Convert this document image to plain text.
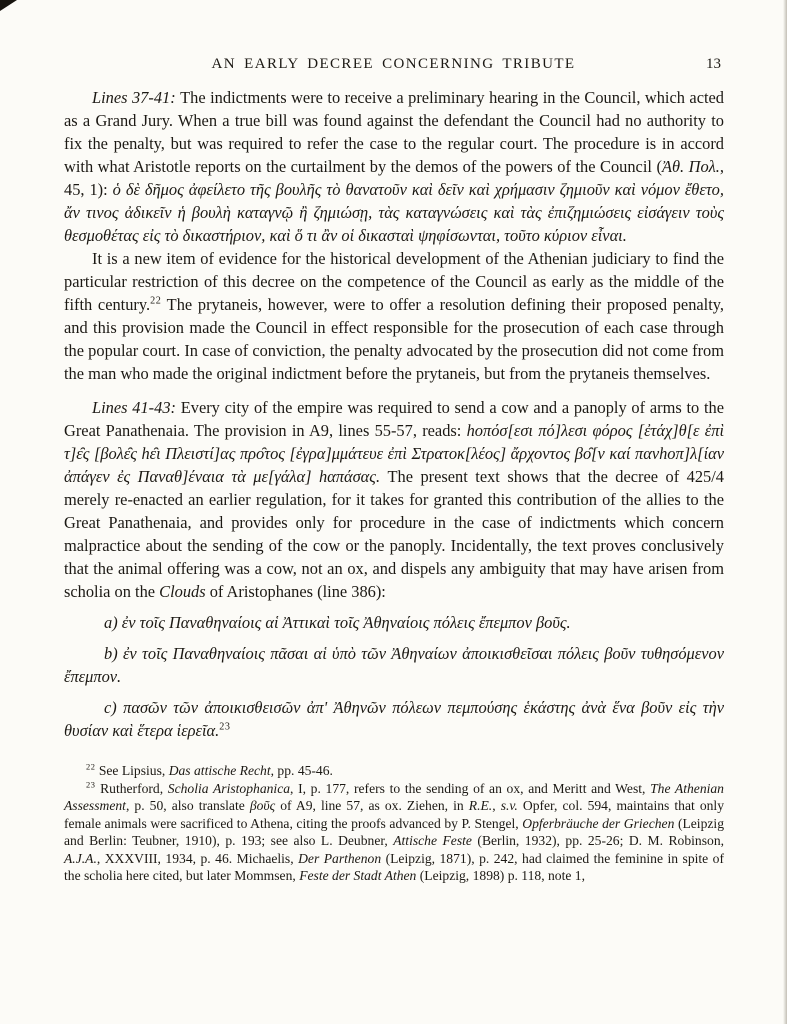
AN EARLY DECREE CONCERNING TRIBUTE	13

Lines 37-41: The indictments were to receive a preliminary hearing in the Council, which acted as a Grand Jury. When a true bill was found against the defendant the Council had no authority to fix the penalty, but was required to refer the case to the regular court. The procedure is in accord with what Aristotle reports on the curtailment by the demos of the powers of the Council (Ἀθ. Πολ., 45, 1): ὁ δὲ δῆμος ἀφείλετο τῆς βουλῆς τὸ θανατοῦν καὶ δεῖν καὶ χρήμασιν ζημιοῦν καὶ νόμον ἔθετο, ἄν τινος ἀδικεῖν ἡ βουλὴ καταγνῷ ἢ ζημιώσῃ, τὰς καταγνώσεις καὶ τὰς ἐπιζημιώσεις εἰσάγειν τοὺς θεσμοθέτας εἰς τὸ δικαστήριον, καὶ ὅ τι ἂν οἱ δικασταὶ ψηφίσωνται, τοῦτο κύριον εἶναι.

It is a new item of evidence for the historical development of the Athenian judiciary to find the particular restriction of this decree on the competence of the Council as early as the middle of the fifth century.$^{22}$ The prytaneis, however, were to offer a resolution defining their proposed penalty, and this provision made the Council in effect responsible for the prosecution of each case through the popular court. In case of conviction, the penalty advocated by the prosecution did not come from the man who made the original indictment before the prytaneis, but from the prytaneis themselves.

Lines 41-43: Every city of the empire was required to send a cow and a panoply of arms to the Great Panathenaia. The provision in A9, lines 55-57, reads: hοπόσ[εσι πό]λεσι φόρος [ἐτάχ]θ[ε ἐπὶ τ]ε̑ς [βολε̑ς hε̑ι Πλειστί]ας προ̑τος [ἐγρα]μμάτευε ἐπὶ Στρατοκ[λέος] ἄρχοντος βο̑[ν καί πανhοπ]λ[ίαν ἀπάγεν ἐς Παναθ]έναια τὰ με[γάλα] hαπάσας. The present text shows that the decree of 425/4 merely re-enacted an earlier regulation, for it takes for granted this contribution of the allies to the Great Panathenaia, and provides only for procedure in the case of indictments which concern malpractice about the sending of the cow or the panoply. Incidentally, the text proves conclusively that the animal offering was a cow, not an ox, and dispels any ambiguity that may have arisen from scholia on the Clouds of Aristophanes (line 386):

a) ἐν τοῖς Παναθηναίοις αἱ Ἀττικαὶ τοῖς Ἀθηναίοις πόλεις ἔπεμπον βοῦς.

b) ἐν τοῖς Παναθηναίοις πᾶσαι αἱ ὑπὸ τῶν Ἀθηναίων ἀποικισθεῖσαι πόλεις βοῦν τυθησόμενον ἔπεμπον.

c) πασῶν τῶν ἀποικισθεισῶν ἀπ' Ἀθηνῶν πόλεων πεμπούσης ἑκάστης ἀνὰ ἕνα βοῦν εἰς τὴν θυσίαν καὶ ἕτερα ἱερεῖα.$^{23}$

$^{22}$ See Lipsius, Das attische Recht, pp. 45-46.

$^{23}$ Rutherford, Scholia Aristophanica, I, p. 177, refers to the sending of an ox, and Meritt and West, The Athenian Assessment, p. 50, also translate βοῦς of A9, line 57, as ox. Ziehen, in R.E., s.v. Opfer, col. 594, maintains that only female animals were sacrificed to Athena, citing the proofs advanced by P. Stengel, Opferbräuche der Griechen (Leipzig and Berlin: Teubner, 1910), p. 193; see also L. Deubner, Attische Feste (Berlin, 1932), pp. 25-26; D. M. Robinson, A.J.A., XXXVIII, 1934, p. 46. Michaelis, Der Parthenon (Leipzig, 1871), p. 242, had claimed the feminine in spite of the scholia here cited, but later Mommsen, Feste der Stadt Athen (Leipzig, 1898) p. 118, note 1,
